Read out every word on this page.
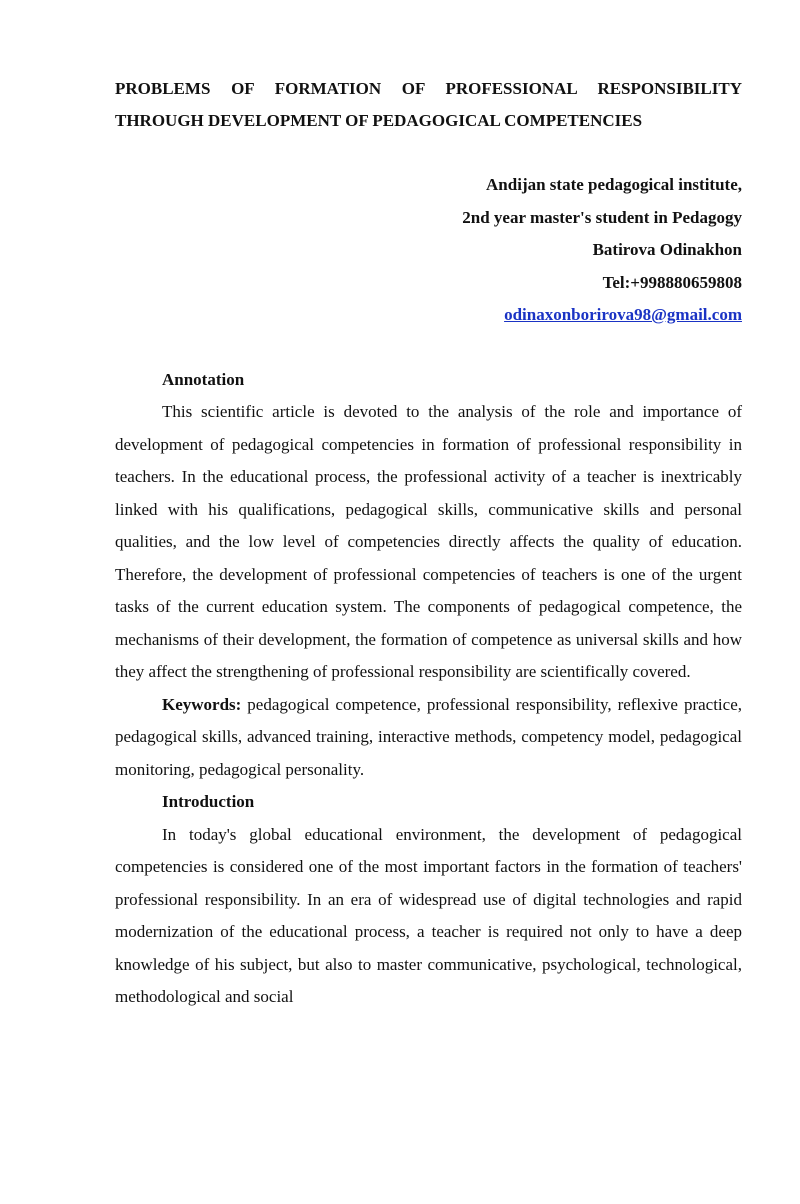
PROBLEMS OF FORMATION OF PROFESSIONAL RESPONSIBILITY
THROUGH DEVELOPMENT OF PEDAGOGICAL COMPETENCIES
Andijan state pedagogical institute,
2nd year master's student in Pedagogy
Batirova Odinakhon
Tel:+998880659808
odinaxonborirova98@gmail.com
Annotation

This scientific article is devoted to the analysis of the role and importance of development of pedagogical competencies in formation of professional responsibility in teachers. In the educational process, the professional activity of a teacher is inextricably linked with his qualifications, pedagogical skills, communicative skills and personal qualities, and the low level of competencies directly affects the quality of education. Therefore, the development of professional competencies of teachers is one of the urgent tasks of the current education system. The components of pedagogical competence, the mechanisms of their development, the formation of competence as universal skills and how they affect the strengthening of professional responsibility are scientifically covered.

Keywords: pedagogical competence, professional responsibility, reflexive practice, pedagogical skills, advanced training, interactive methods, competency model, pedagogical monitoring, pedagogical personality.

Introduction

In today's global educational environment, the development of pedagogical competencies is considered one of the most important factors in the formation of teachers' professional responsibility. In an era of widespread use of digital technologies and rapid modernization of the educational process, a teacher is required not only to have a deep knowledge of his subject, but also to master communicative, psychological, technological, methodological and social
